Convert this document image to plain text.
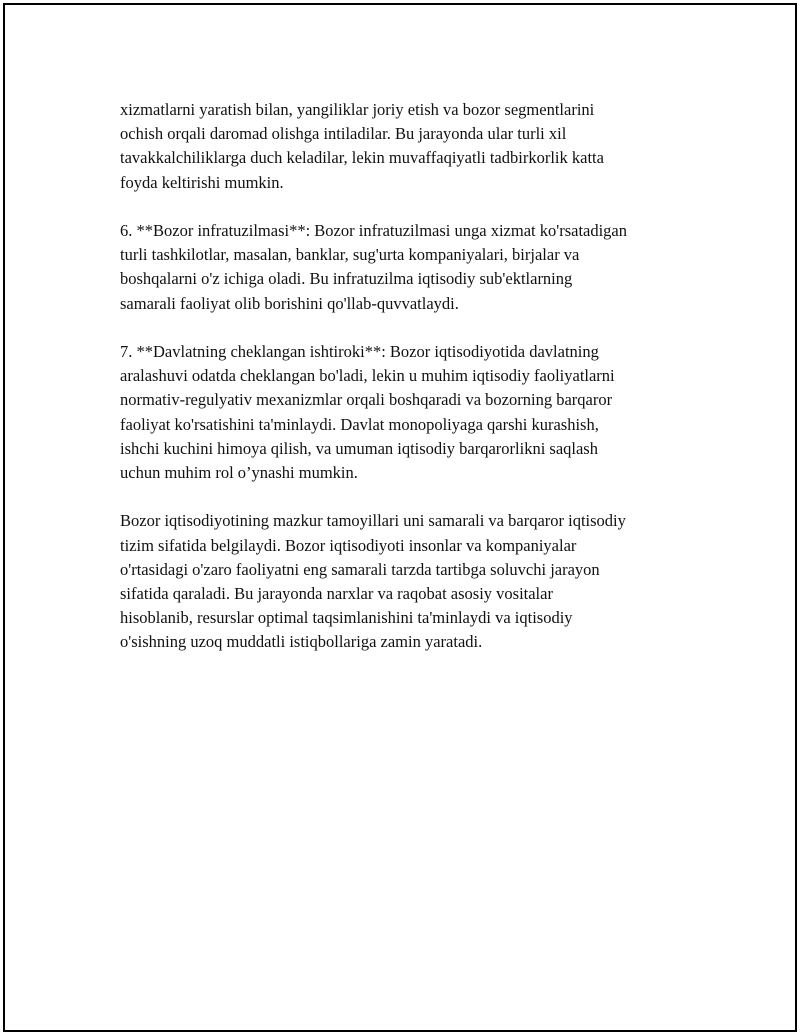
xizmatlarni yaratish bilan, yangiliklar joriy etish va bozor segmentlarini
ochish orqali daromad olishga intiladilar. Bu jarayonda ular turli xil
tavakkalchiliklarga duch keladilar, lekin muvaffaqiyatli tadbirkorlik katta
foyda keltirishi mumkin.

6. **Bozor infratuzilmasi**: Bozor infratuzilmasi unga xizmat ko'rsatadigan
turli tashkilotlar, masalan, banklar, sug'urta kompaniyalari, birjalar va
boshqalarni o'z ichiga oladi. Bu infratuzilma iqtisodiy sub'ektlarning
samarali faoliyat olib borishini qo'llab-quvvatlaydi.

7. **Davlatning cheklangan ishtiroki**: Bozor iqtisodiyotida davlatning
aralashuvi odatda cheklangan bo'ladi, lekin u muhim iqtisodiy faoliyatlarni
normativ-regulyativ mexanizmlar orqali boshqaradi va bozorning barqaror
faoliyat ko'rsatishini ta'minlaydi. Davlat monopoliyaga qarshi kurashish,
ishchi kuchini himoya qilish, va umuman iqtisodiy barqarorlikni saqlash
uchun muhim rol o’ynashi mumkin.

Bozor iqtisodiyotining mazkur tamoyillari uni samarali va barqaror iqtisodiy
tizim sifatida belgilaydi. Bozor iqtisodiyoti insonlar va kompaniyalar
o'rtasidagi o'zaro faoliyatni eng samarali tarzda tartibga soluvchi jarayon
sifatida qaraladi. Bu jarayonda narxlar va raqobat asosiy vositalar
hisoblanib, resurslar optimal taqsimlanishini ta'minlaydi va iqtisodiy
o'sishning uzoq muddatli istiqbollariga zamin yaratadi.
